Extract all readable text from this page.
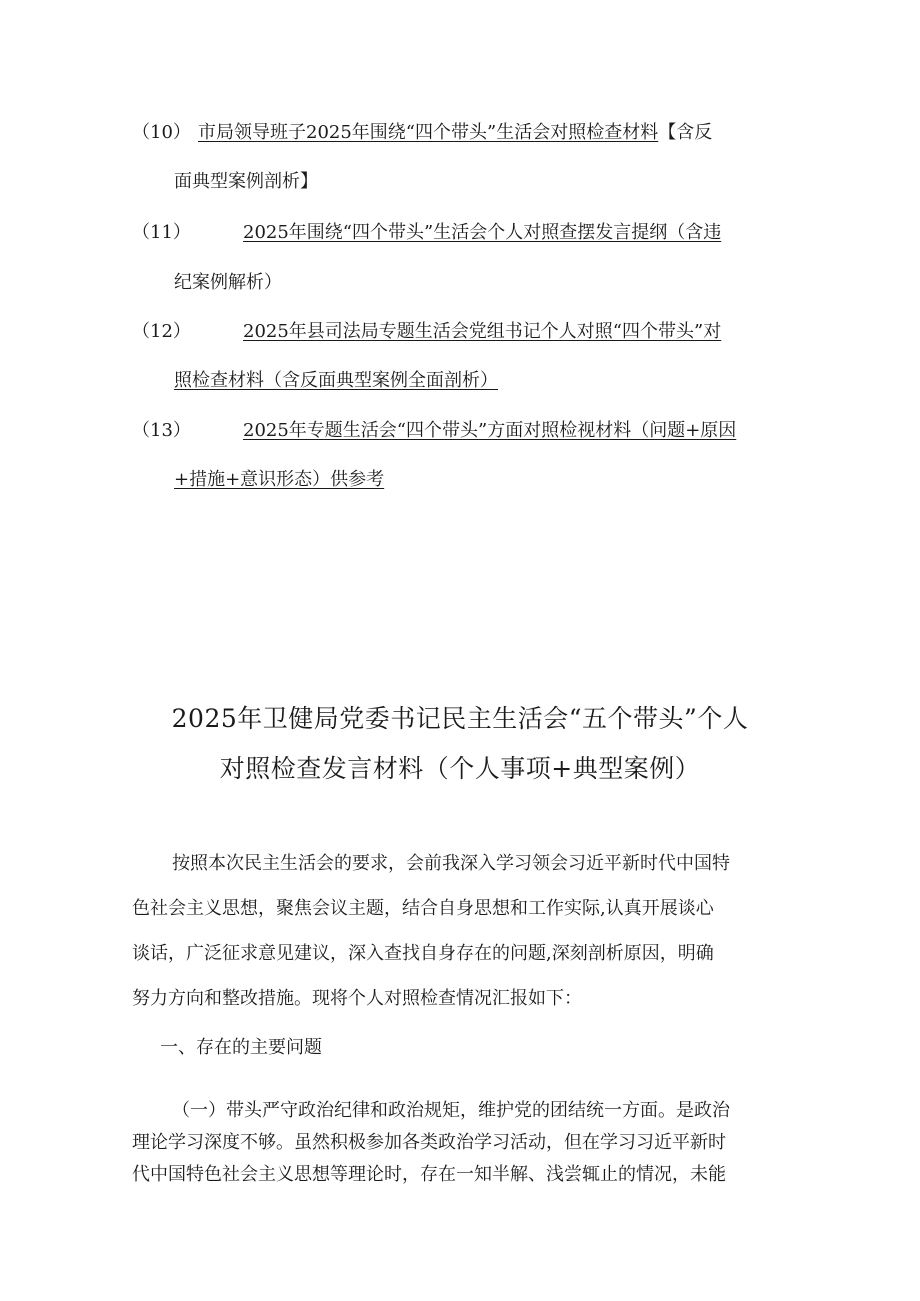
（10） 市局领导班子2025年围绕“四个带头”生活会对照检查材料【含反
面典型案例剖析】
（11）	2025年围绕“四个带头”生活会个人对照查摆发言提纲（含违
纪案例解析）
（12）	2025年县司法局专题生活会党组书记个人对照“四个带头”对
照检查材料（含反面典型案例全面剖析）
（13）	2025年专题生活会“四个带头”方面对照检视材料（问题+原因
+措施+意识形态）供参考
2025年卫健局党委书记民主生活会“五个带头”个人
对照检查发言材料（个人事项+典型案例）
按照本次民主生活会的要求，会前我深入学习领会习近平新时代中国特
色社会主义思想，聚焦会议主题，结合自身思想和工作实际,认真开展谈心
谈话，广泛征求意见建议，深入查找自身存在的问题,深刻剖析原因，明确
努力方向和整改措施。现将个人对照检查情况汇报如下：
一、存在的主要问题
（一）带头严守政治纪律和政治规矩，维护党的团结统一方面。是政治
理论学习深度不够。虽然积极参加各类政治学习活动，但在学习习近平新时
代中国特色社会主义思想等理论时，存在一知半解、浅尝辄止的情况，未能
